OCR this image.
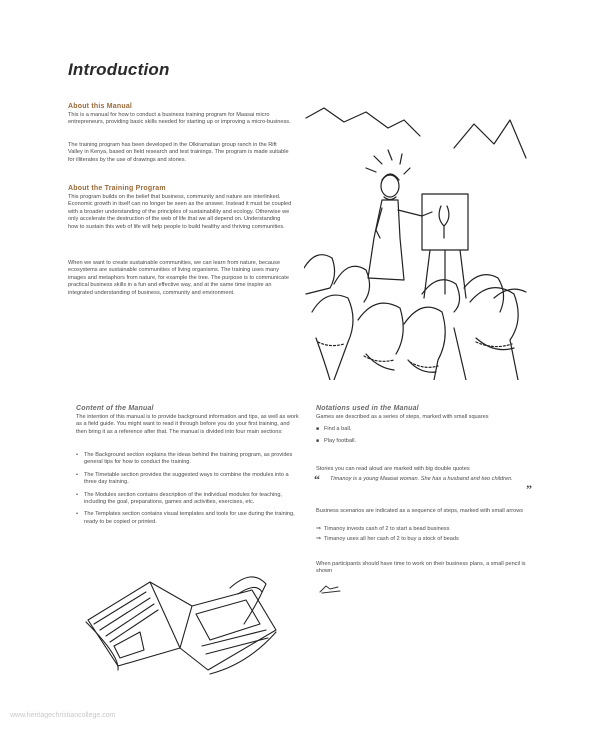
Introduction
About this Manual

This is a manual for how to conduct a business training program for Maasai micro entrepreneurs, providing basic skills needed for starting up or improving a micro-business.

The training program has been developed in the Olkiramatian group ranch in the Rift Valley in Kenya, based on field research and test trainings. The program is made suitable for illiterates by the use of drawings and stories.

About the Training Program

This program builds on the belief that business, community and nature are interlinked. Economic growth in itself can no longer be seen as the answer. Instead it must be coupled with a broader understanding of the principles of sustainability and ecology. Otherwise we only accelerate the destruction of the web of life that we all depend on. Understanding how to sustain this web of life will help people to build healthy and thriving communities.

When we want to create sustainable communities, we can learn from nature, because ecosystems are sustainable communities of living organisms. The training uses many images and metaphors from nature, for example the tree. The purpose is to communicate practical business skills in a fun and effective way, and at the same time inspire an integrated understanding of business, community and environment.

Content of the Manual

The intention of this manual is to provide background information and tips, as well as work as a field guide. You might want to read it through before you do your first training, and then bring it as a reference after that. The manual is divided into four main sections:

• The Background section explains the ideas behind the training program, as provides general tips for how to conduct the training.
• The Timetable section provides the suggested ways to combine the modules into a three day training.
• The Modules section contains description of the individual modules for teaching, including the goal, preparations, games and activities, exercises, etc.
• The Templates section contains visual templates and tools for use during the training, ready to be copied or printed.
Notations used in the Manual

Games are described as a series of steps, marked with small squares

■ Find a ball.
■ Play football.

Stories you can read aloud are marked with big double quotes

“ Timanoy is a young Maasai woman. She has a husband and two children.
”

Business scenarios are indicated as a sequence of steps, marked with small arrows

⇒ Timanoy invests cash of 2 to start a bead business
⇒ Timanoy uses all her cash of 2 to buy a stock of beads

When participants should have time to work on their business plans, a small pencil is shown

www.heritagechristiancollege.com
